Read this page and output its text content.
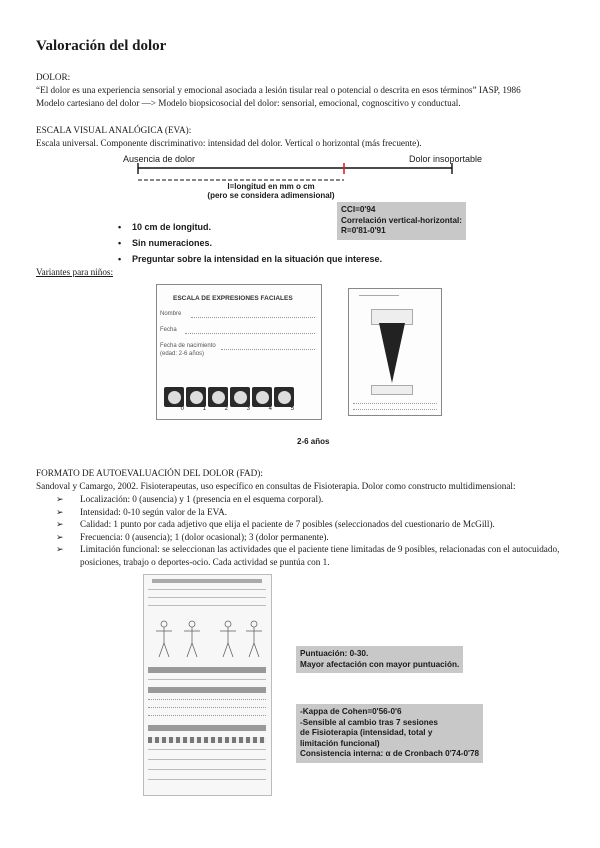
Valoración del dolor
DOLOR:
“El dolor es una experiencia sensorial y emocional asociada a lesión tisular real o potencial o descrita en esos términos” IASP, 1986
Modelo cartesiano del dolor —> Modelo biopsicosocial del dolor: sensorial, emocional, cognoscitivo y conductual.
ESCALA VISUAL ANALÓGICA (EVA):
Escala universal. Componente discriminativo: intensidad del dolor. Vertical o horizontal (más frecuente).
Ausencia de dolor	Dolor insoportable
l=longitud en mm o cm
(pero se considera adimensional)
CCI=0'94
Correlación vertical-horizontal:
R=0'81-0'91
• 10 cm de longitud.
• Sin numeraciones.
• Preguntar sobre la intensidad en la situación que interese.
Variantes para niños:
ESCALA DE EXPRESIONES FACIALES
Nombre
Fecha
Fecha de nacimiento
(edad: 2-6 años)
0	1	2	3	4	5
2-6 años
FORMATO DE AUTOEVALUACIÓN DEL DOLOR (FAD):
Sandoval y Camargo, 2002. Fisioterapeutas, uso específico en consultas de Fisioterapia. Dolor como constructo multidimensional:
➢	Localización: 0 (ausencia) y 1 (presencia en el esquema corporal).
➢	Intensidad: 0-10 según valor de la EVA.
➢	Calidad: 1 punto por cada adjetivo que elija el paciente de 7 posibles (seleccionados del cuestionario de McGill).
➢	Frecuencia: 0 (ausencia); 1 (dolor ocasional); 3 (dolor permanente).
➢	Limitación funcional: se seleccionan las actividades que el paciente tiene limitadas de 9 posibles, relacionadas con el autocuidado,
posiciones, trabajo o deportes-ocio. Cada actividad se puntúa con 1.
Puntuación: 0-30.
Mayor afectación con mayor puntuación.
-Kappa de Cohen=0'56-0'6
-Sensible al cambio tras 7 sesiones
de Fisioterapia (intensidad, total y
limitación funcional)
Consistencia interna: α de Cronbach 0'74-0'78
